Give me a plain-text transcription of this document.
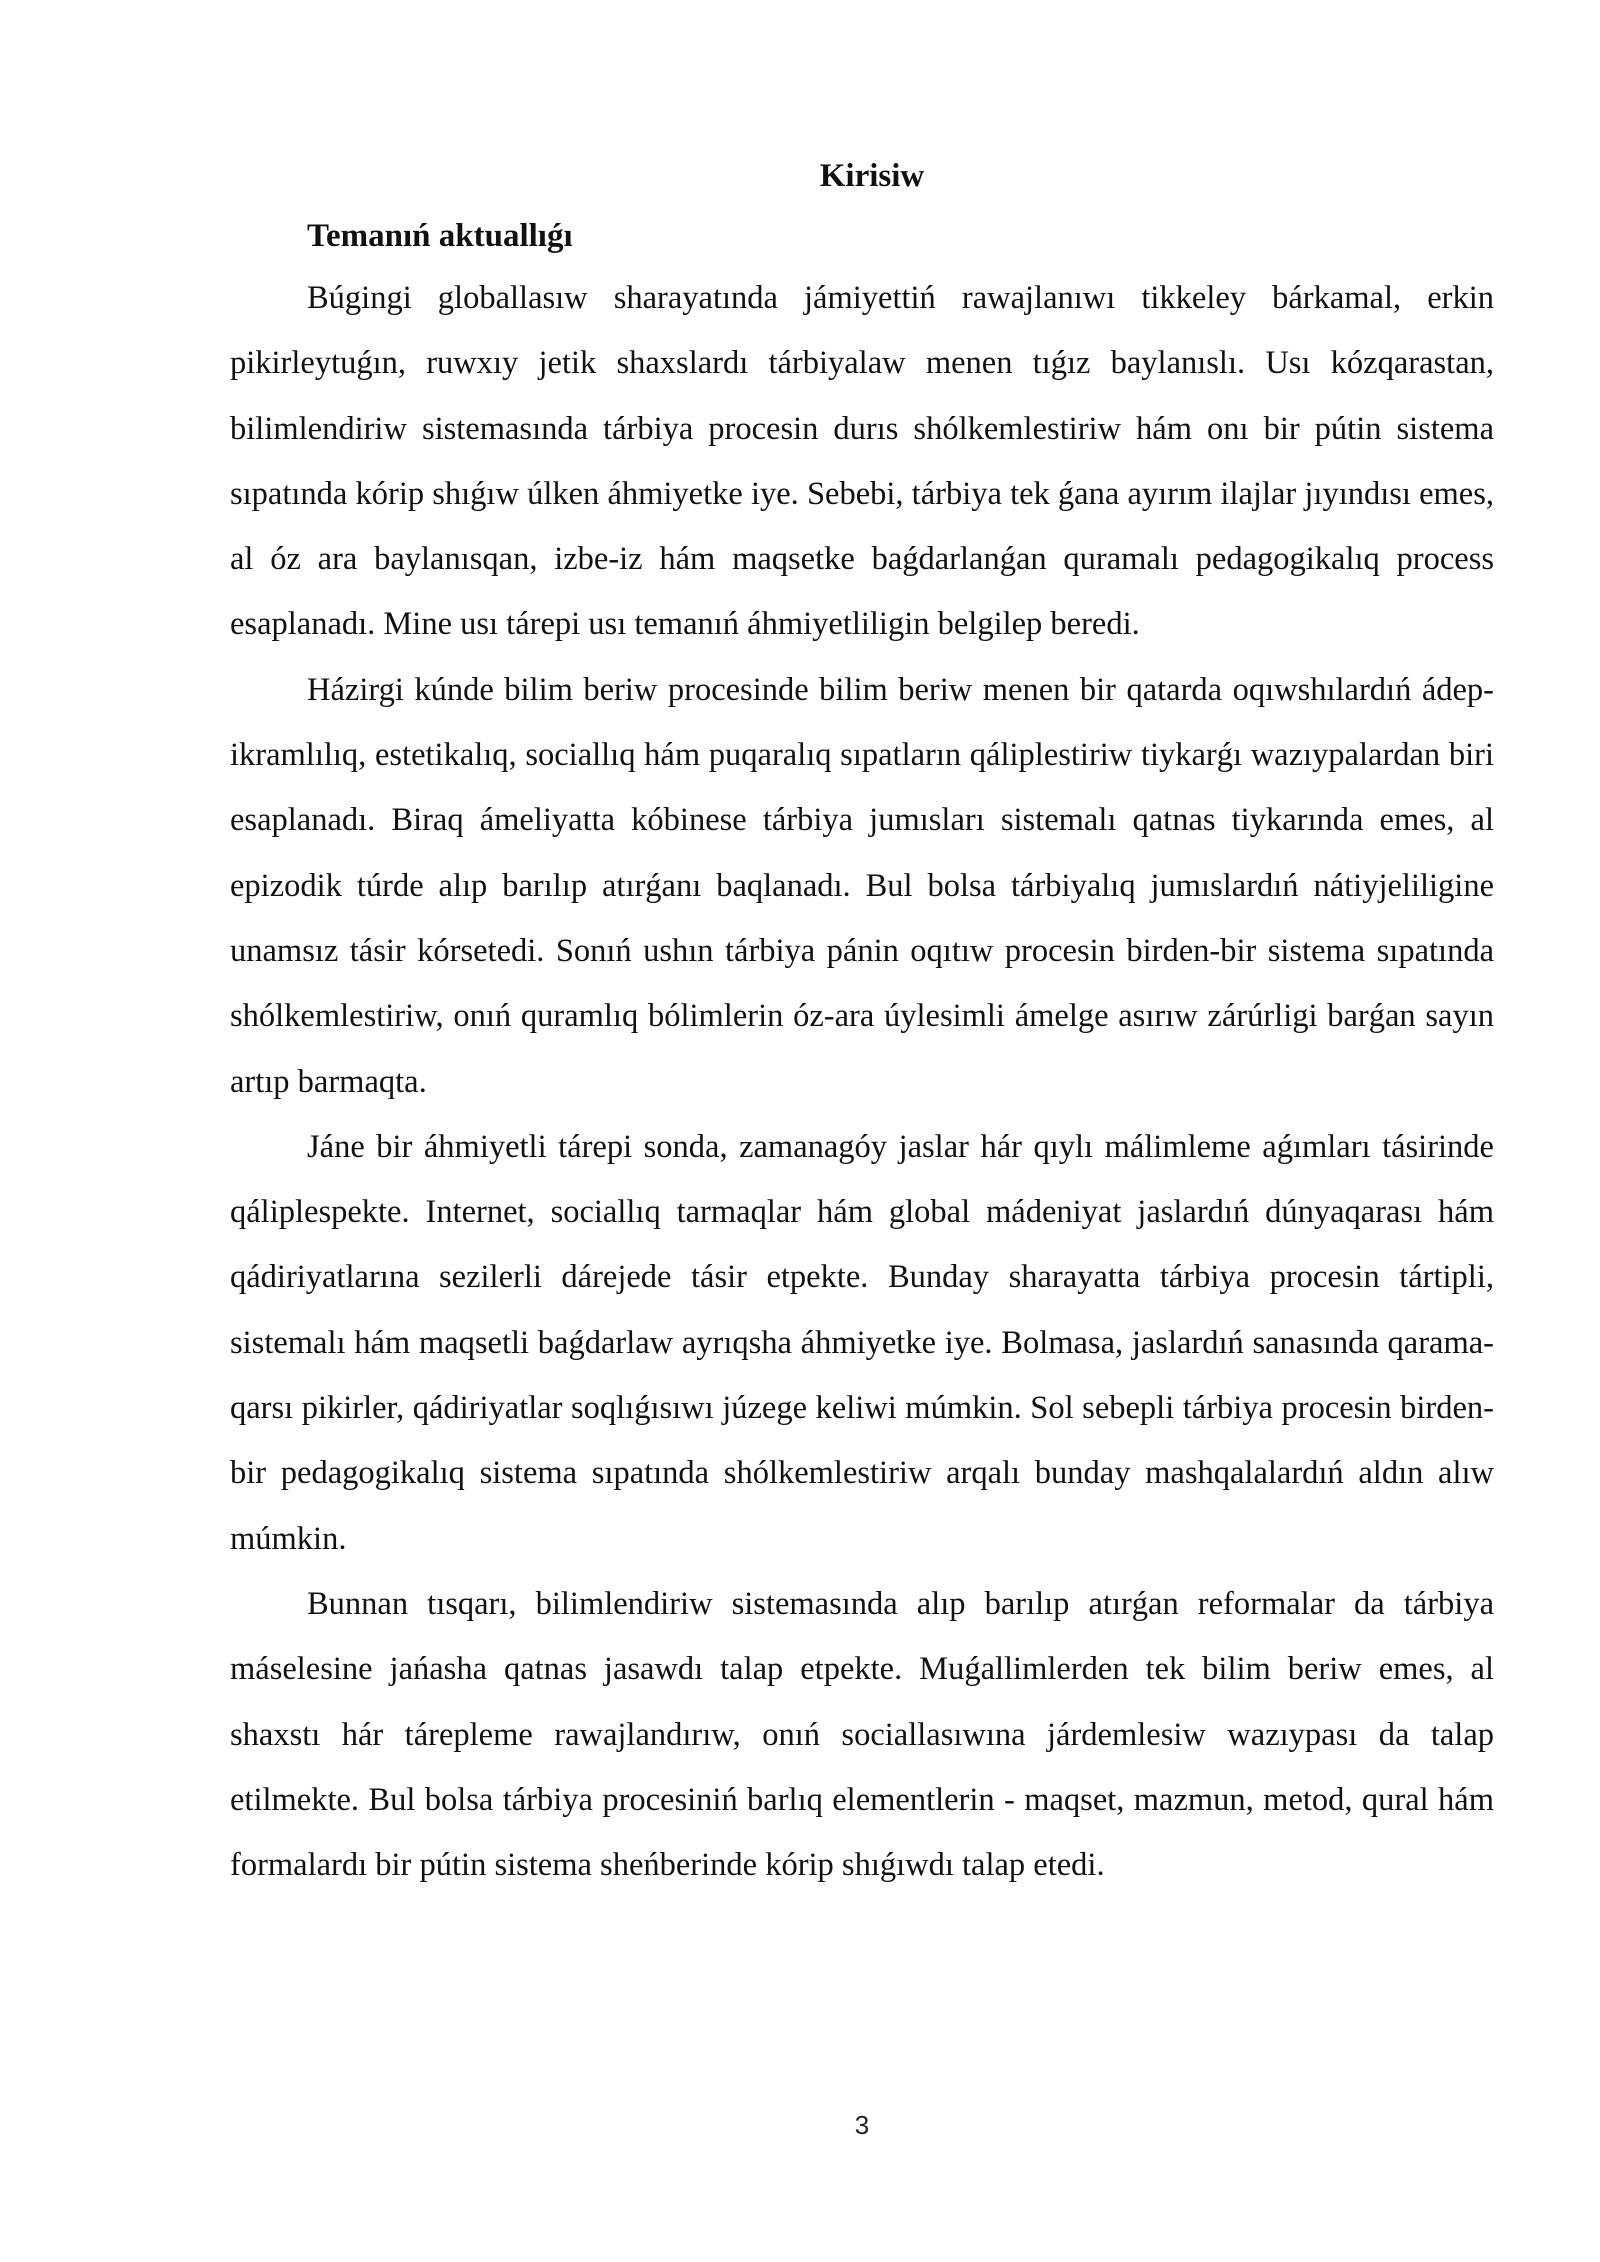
Kirisiw
Temanıń aktuallıǵı

Búgingi globallasıw sharayatında jámiyettiń rawajlanıwı tikkeley bárkamal, erkin pikirleytuǵın, ruwxıy jetik shaxslardı tárbiyalaw menen tıǵız baylanıslı. Usı kózqarastan, bilimlendiriw sistemasında tárbiya procesin durıs shólkemlestiriw hám onı bir pútin sistema sıpatında kórip shıǵıw úlken áhmiyetke iye. Sebebi, tárbiya tek ǵana ayırım ilajlar jıyındısı emes, al óz ara baylanısqan, izbe-iz hám maqsetke baǵdarlanǵan quramalı pedagogikalıq process esaplanadı. Mine usı tárepi usı temanıń áhmiyetliligin belgilep beredi.

Házirgi kúnde bilim beriw procesinde bilim beriw menen bir qatarda oqıwshılardıń ádep-ikramlılıq, estetikalıq, sociallıq hám puqaralıq sıpatların qáliplestiriw tiykarǵı wazıypalardan biri esaplanadı. Biraq ámeliyatta kóbinese tárbiya jumısları sistemalı qatnas tiykarında emes, al epizodik túrde alıp barılıp atırǵanı baqlanadı. Bul bolsa tárbiyalıq jumıslardıń nátiyjeliligine unamsız tásir kórsetedi. Sonıń ushın tárbiya pánin oqıtıw procesin birden-bir sistema sıpatında shólkemlestiriw, onıń quramlıq bólimlerin óz-ara úylesimli ámelge asırıw zárúrligi barǵan sayın artıp barmaqta.

Jáne bir áhmiyetli tárepi sonda, zamanagóy jaslar hár qıylı málimleme aǵımları tásirinde qáliplespekte. Internet, sociallıq tarmaqlar hám global mádeniyat jaslardıń dúnyaqarası hám qádiriyatlarına sezilerli dárejede tásir etpekte. Bunday sharayatta tárbiya procesin tártipli, sistemalı hám maqsetli baǵdarlaw ayrıqsha áhmiyetke iye. Bolmasa, jaslardıń sanasında qarama-qarsı pikirler, qádiriyatlar soqlıǵısıwı júzege keliwi múmkin. Sol sebepli tárbiya procesin birden-bir pedagogikalıq sistema sıpatında shólkemlestiriw arqalı bunday mashqalalardıń aldın alıw múmkin.

Bunnan tısqarı, bilimlendiriw sistemasında alıp barılıp atırǵan reformalar da tárbiya máselesine jańasha qatnas jasawdı talap etpekte. Muǵallimlerden tek bilim beriw emes, al shaxstı hár tárepleme rawajlandırıw, onıń sociallasıwına járdemlesiw wazıypası da talap etilmekte. Bul bolsa tárbiya procesiniń barlıq elementlerin - maqset, mazmun, metod, qural hám formalardı bir pútin sistema sheńberinde kórip shıǵıwdı talap etedi.

3
